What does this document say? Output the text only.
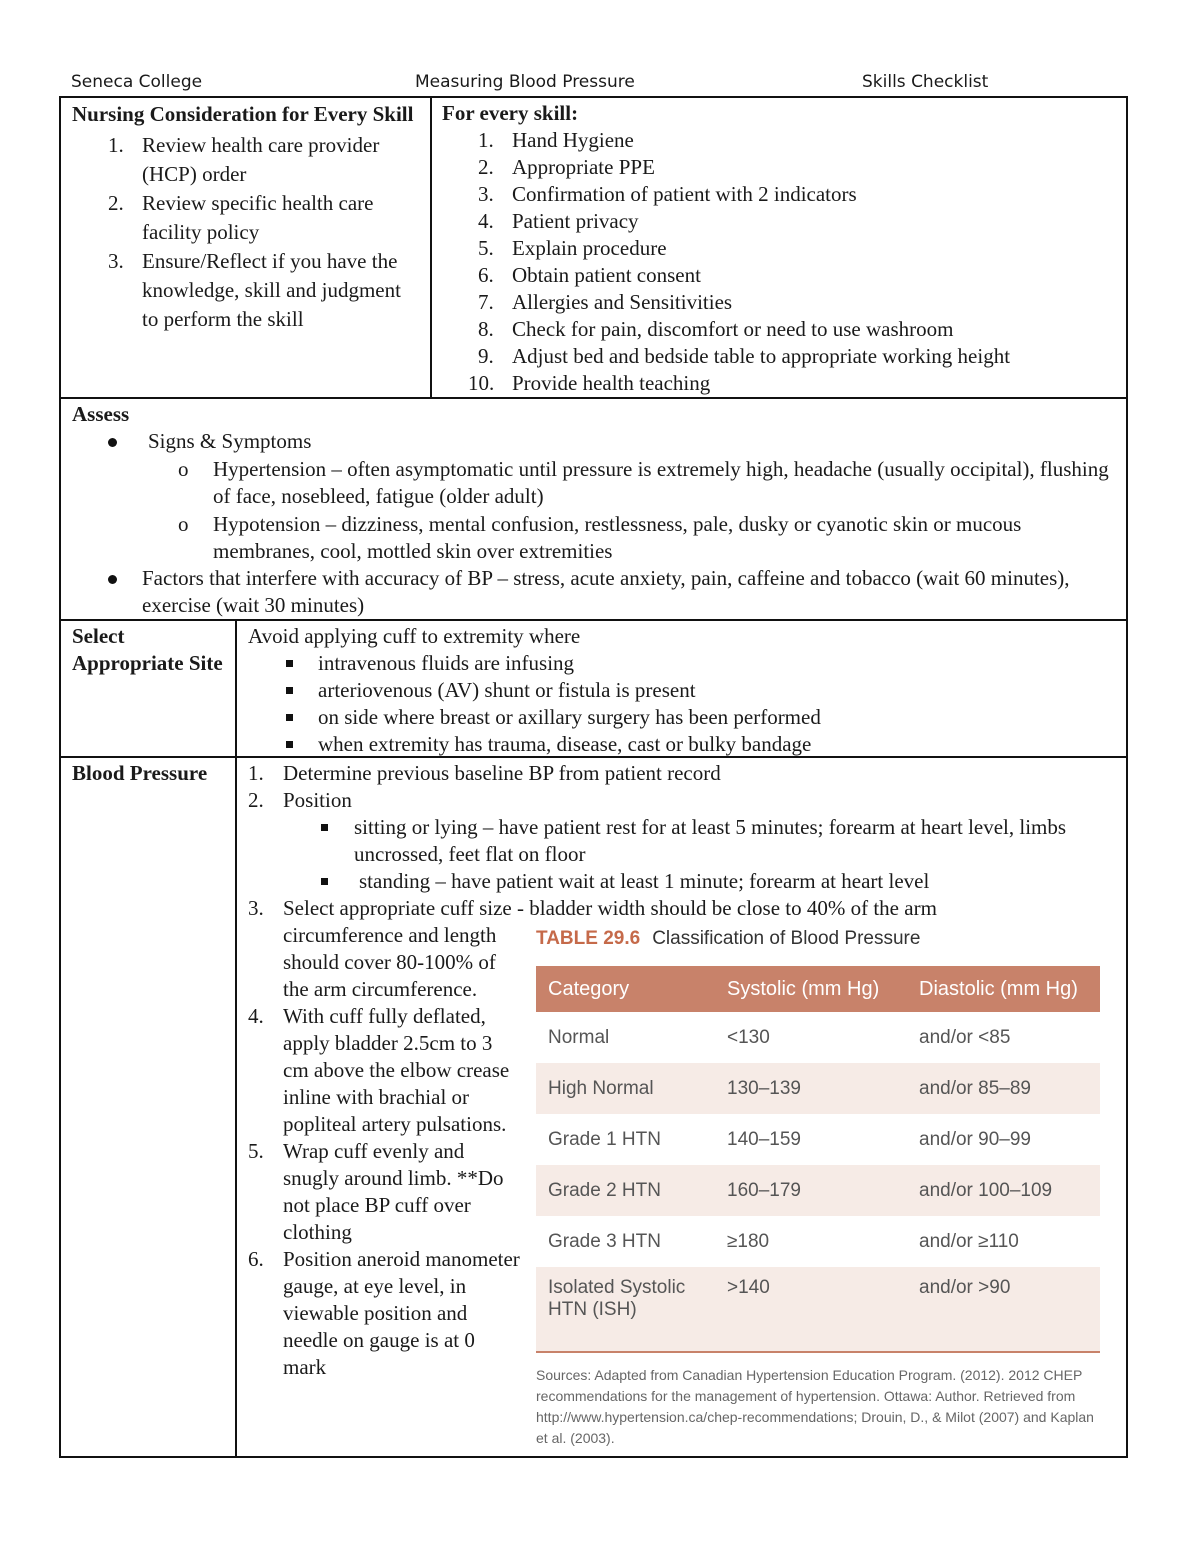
Seneca College	Measuring Blood Pressure	Skills Checklist
Nursing Consideration for Every Skill
1. Review health care provider (HCP) order
2. Review specific health care facility policy
3. Ensure/Reflect if you have the knowledge, skill and judgment to perform the skill
For every skill:
1. Hand Hygiene
2. Appropriate PPE
3. Confirmation of patient with 2 indicators
4. Patient privacy
5. Explain procedure
6. Obtain patient consent
7. Allergies and Sensitivities
8. Check for pain, discomfort or need to use washroom
9. Adjust bed and bedside table to appropriate working height
10. Provide health teaching
Assess
Signs & Symptoms
o Hypertension – often asymptomatic until pressure is extremely high, headache (usually occipital), flushing of face, nosebleed, fatigue (older adult)
o Hypotension – dizziness, mental confusion, restlessness, pale, dusky or cyanotic skin or mucous membranes, cool, mottled skin over extremities
Factors that interfere with accuracy of BP – stress, acute anxiety, pain, caffeine and tobacco (wait 60 minutes), exercise (wait 30 minutes)
Select Appropriate Site
Avoid applying cuff to extremity where
intravenous fluids are infusing
arteriovenous (AV) shunt or fistula is present
on side where breast or axillary surgery has been performed
when extremity has trauma, disease, cast or bulky bandage
Blood Pressure 1. Determine previous baseline BP from patient record
2. Position
sitting or lying – have patient rest for at least 5 minutes; forearm at heart level, limbs uncrossed, feet flat on floor
standing – have patient wait at least 1 minute; forearm at heart level
3. Select appropriate cuff size - bladder width should be close to 40% of the arm
circumference and length should cover 80-100% of the arm circumference.
4. With cuff fully deflated, apply bladder 2.5cm to 3 cm above the elbow crease inline with brachial or popliteal artery pulsations.
5. Wrap cuff evenly and snugly around limb. **Do not place BP cuff over clothing
6. Position aneroid manometer gauge, at eye level, in viewable position and needle on gauge is at 0 mark
TABLE 29.6 Classification of Blood Pressure
Category	Systolic (mm Hg)	Diastolic (mm Hg)
Normal	<130	and/or <85
High Normal	130–139	and/or 85–89
Grade 1 HTN	140–159	and/or 90–99
Grade 2 HTN	160–179	and/or 100–109
Grade 3 HTN	≥180	and/or ≥110
Isolated Systolic HTN (ISH)	>140	and/or >90
Sources: Adapted from Canadian Hypertension Education Program. (2012). 2012 CHEP recommendations for the management of hypertension. Ottawa: Author. Retrieved from http://www.hypertension.ca/chep-recommendations; Drouin, D., & Milot (2007) and Kaplan et al. (2003).
